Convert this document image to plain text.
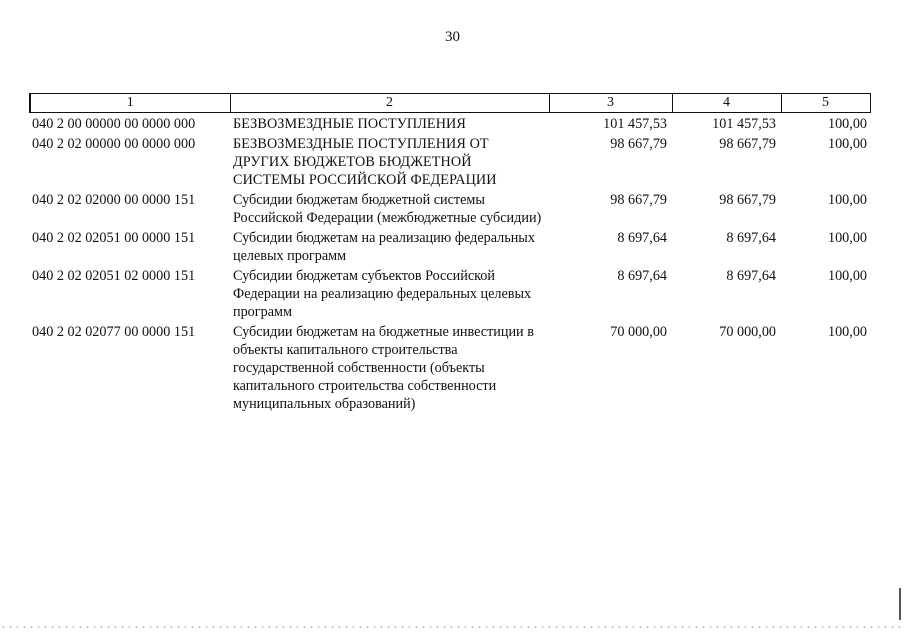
30
1	2	3	4	5
040 2 00 00000 00 0000 000	БЕЗВОЗМЕЗДНЫЕ ПОСТУПЛЕНИЯ	101 457,53	101 457,53	100,00
040 2 02 00000 00 0000 000	БЕЗВОЗМЕЗДНЫЕ ПОСТУПЛЕНИЯ ОТ ДРУГИХ БЮДЖЕТОВ БЮДЖЕТНОЙ СИСТЕМЫ РОССИЙСКОЙ ФЕДЕРАЦИИ	98 667,79	98 667,79	100,00
040 2 02 02000 00 0000 151	Субсидии бюджетам бюджетной системы Российской Федерации (межбюджетные субсидии)	98 667,79	98 667,79	100,00
040 2 02 02051 00 0000 151	Субсидии бюджетам на реализацию федеральных целевых программ	8 697,64	8 697,64	100,00
040 2 02 02051 02 0000 151	Субсидии бюджетам субъектов Российской Федерации на реализацию федеральных целевых программ	8 697,64	8 697,64	100,00
040 2 02 02077 00 0000 151	Субсидии бюджетам на бюджетные инвестиции в объекты капитального строительства государственной собственности (объекты капитального строительства собственности муниципальных образований)	70 000,00	70 000,00	100,00
